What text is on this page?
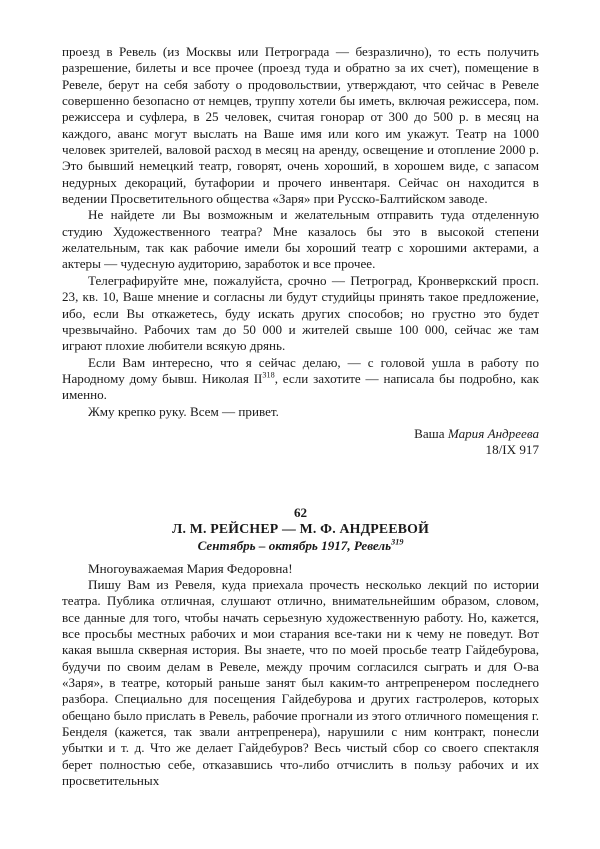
проезд в Ревель (из Москвы или Петрограда — безразлично), то есть получить разрешение, билеты и все прочее (проезд туда и обратно за их счет), помещение в Ревеле, берут на себя заботу о продовольствии, утверждают, что сейчас в Ревеле совершенно безопасно от немцев, труппу хотели бы иметь, включая режиссера, пом. режиссера и суфлера, в 25 человек, считая гонорар от 300 до 500 р. в месяц на каждого, аванс могут выслать на Ваше имя или кого им укажут. Театр на 1000 человек зрителей, валовой расход в месяц на аренду, освещение и отопление 2000 р. Это бывший немецкий театр, говорят, очень хороший, в хорошем виде, с запасом недурных декораций, бутафории и прочего инвентаря. Сейчас он находится в ведении Просветительного общества «Заря» при Русско-Балтийском заводе.

Не найдете ли Вы возможным и желательным отправить туда отделенную студию Художественного театра? Мне казалось бы это в высокой степени желательным, так как рабочие имели бы хороший театр с хорошими актерами, а актеры — чудесную аудиторию, заработок и все прочее.

Телеграфируйте мне, пожалуйста, срочно — Петроград, Кронверкский просп. 23, кв. 10, Ваше мнение и согласны ли будут студийцы принять такое предложение, ибо, если Вы откажетесь, буду искать других способов; но грустно это будет чрезвычайно. Рабочих там до 50 000 и жителей свыше 100 000, сейчас же там играют плохие любители всякую дрянь.

Если Вам интересно, что я сейчас делаю, — с головой ушла в работу по Народному дому бывш. Николая II$^{318}$, если захотите — написала бы подробно, как именно.

Жму крепко руку. Всем — привет.

Ваша Мария Андреева

18/IX 917

62

Л. М. РЕЙСНЕР — М. Ф. АНДРЕЕВОЙ

Сентябрь – октябрь 1917, Ревель$^{319}$

Многоуважаемая Мария Федоровна!

Пишу Вам из Ревеля, куда приехала прочесть несколько лекций по истории театра. Публика отличная, слушают отлично, внимательнейшим образом, словом, все данные для того, чтобы начать серьезную художественную работу. Но, кажется, все просьбы местных рабочих и мои старания все-таки ни к чему не поведут. Вот какая вышла скверная история. Вы знаете, что по моей просьбе театр Гайдебурова, будучи по своим делам в Ревеле, между прочим согласился сыграть и для О-ва «Заря», в театре, который раньше занят был каким-то антрепренером последнего разбора. Специально для посещения Гайдебурова и других гастролеров, которых обещано было прислать в Ревель, рабочие прогнали из этого отличного помещения г. Бенделя (кажется, так звали антрепренера), нарушили с ним контракт, понесли убытки и т. д. Что же делает Гайдебуров? Весь чистый сбор со своего спектакля берет полностью себе, отказавшись что-либо отчислить в пользу рабочих и их просветительных
